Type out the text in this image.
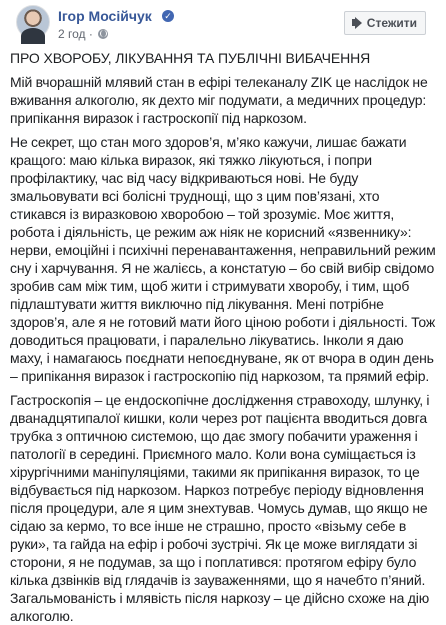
Ігор Мосійчук ✓
2 год ·
Стежити
ПРО ХВОРОБУ, ЛІКУВАННЯ ТА ПУБЛІЧНІ ВИБАЧЕННЯ

Мій вчорашній млявий стан в ефірі телеканалу ZIK це наслідок не вживання алкоголю, як дехто міг подумати, а медичних процедур: припікання виразок і гастроскопії під наркозом.

Не секрет, що стан мого здоров’я, м’яко кажучи, лишає бажати кращого: маю кілька виразок, які тяжко лікуються, і попри профілактику, час від часу відкриваються нові. Не буду змальовувати всі болісні труднощі, що з цим пов’язані, хто стикався із виразковою хворобою – той зрозуміє. Моє життя, робота і діяльність, це режим аж ніяк не корисний «язвеннику»: нерви, емоційні і психічні перенавантаження, неправильний режим сну і харчування. Я не жалієсь, а констатую – бо свій вибір свідомо зробив сам між тим, щоб жити і стримувати хворобу, і тим, щоб підлаштувати життя виключно під лікування. Мені потрібне здоров’я, але я не готовий мати його ціною роботи і діяльності. Тож доводиться працювати, і паралельно лікуватись. Інколи я даю маху, і намагаюсь поєднати непоєднуване, як от вчора в один день – припікання виразок і гастроскопію під наркозом, та прямий ефір.

Гастроскопія – це ендоскопічне дослідження стравоходу, шлунку, і дванадцятипалої кишки, коли через рот пацієнта вводиться довга трубка з оптичною системою, що дає змогу побачити ураження і патології в середині. Приємного мало. Коли вона суміщається із хірургічними маніпуляціями, такими як припікання виразок, то це відбувається під наркозом. Наркоз потребує періоду відновлення після процедури, але я цим знехтував. Чомусь думав, що якщо не сідаю за кермо, то все інше не страшно, просто «візьму себе в руки», та гайда на ефір і робочі зустрічі. Як це може виглядати зі сторони, я не подумав, за що і поплатився: протягом ефіру було кілька дзвінків від глядачів із зауваженнями, що я начебто п’яний. Загальмованість і млявість після наркозу – це дійсно схоже на дію алкоголю.
